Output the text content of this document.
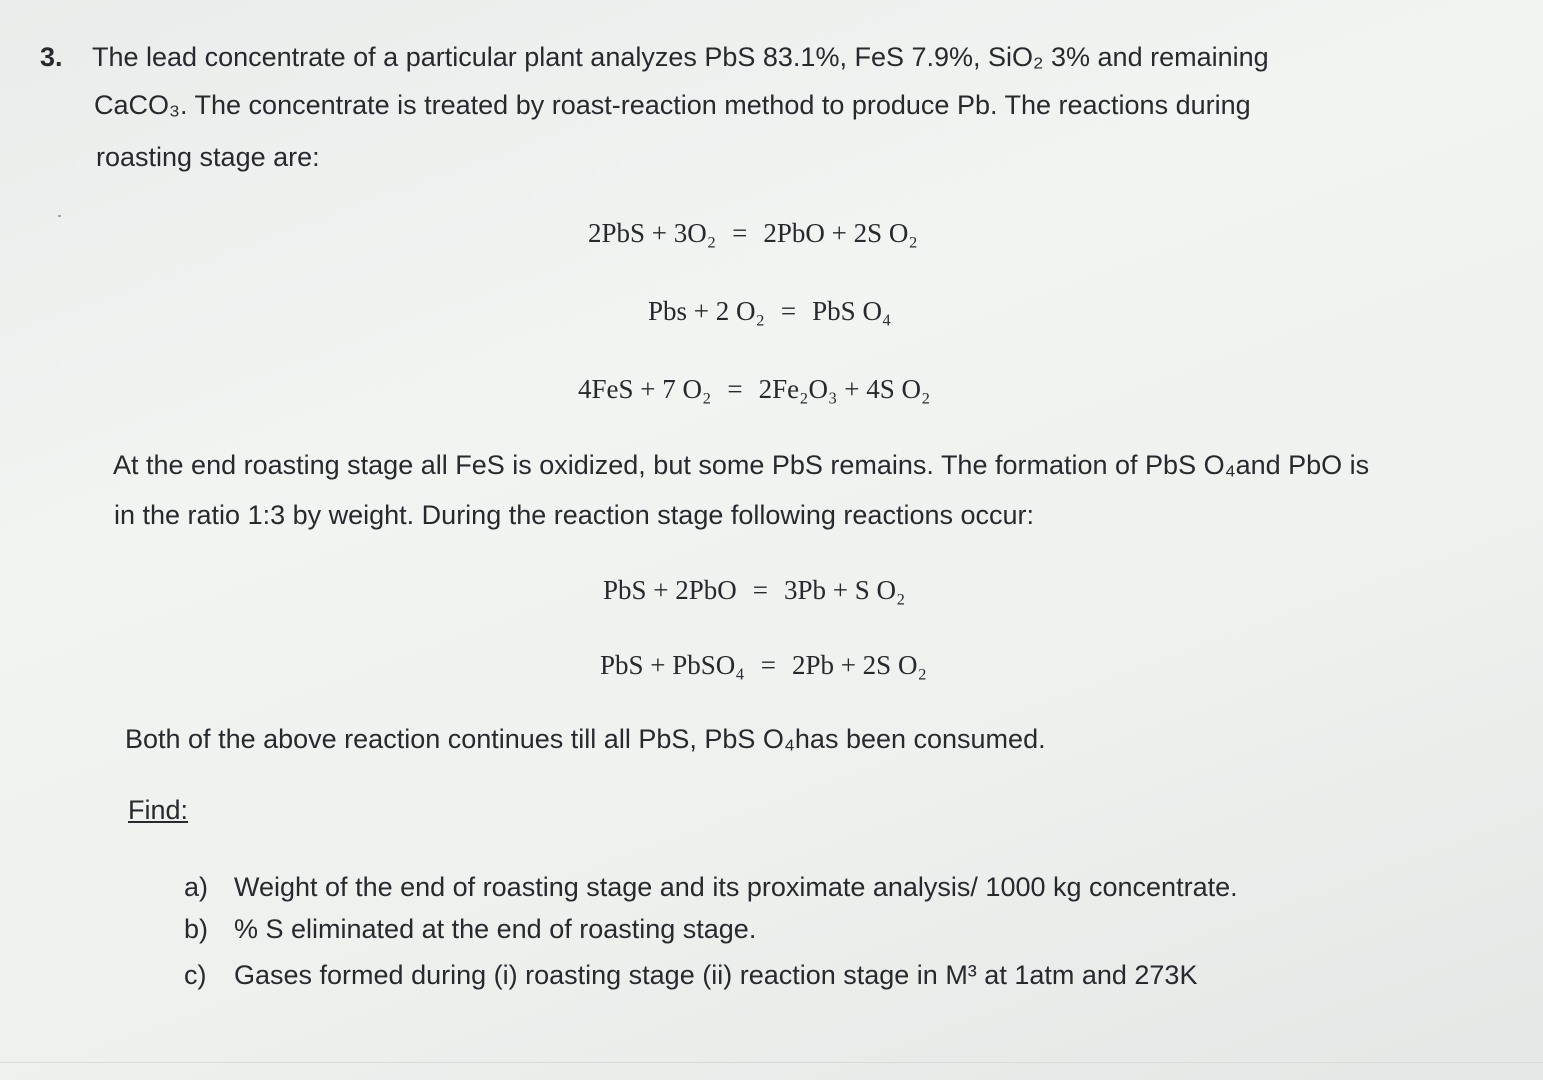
3. The lead concentrate of a particular plant analyzes PbS 83.1%, FeS 7.9%, SiO₂ 3% and remaining
CaCO₃. The concentrate is treated by roast-reaction method to produce Pb. The reactions during
roasting stage are:
2PbS + 3O₂ = 2PbO + 2S O₂
Pbs + 2 O₂ = PbS O₄
4FeS + 7 O₂ = 2Fe₂O₃ + 4S O₂
At the end roasting stage all FeS is oxidized, but some PbS remains. The formation of PbS O₄and PbO is
in the ratio 1:3 by weight. During the reaction stage following reactions occur:
PbS + 2PbO = 3Pb + S O₂
PbS + PbSO₄ = 2Pb + 2S O₂
Both of the above reaction continues till all PbS, PbS O₄has been consumed.
Find:
a) Weight of the end of roasting stage and its proximate analysis/ 1000 kg concentrate.
b) % S eliminated at the end of roasting stage.
c) Gases formed during (i) roasting stage (ii) reaction stage in M³ at 1atm and 273K
